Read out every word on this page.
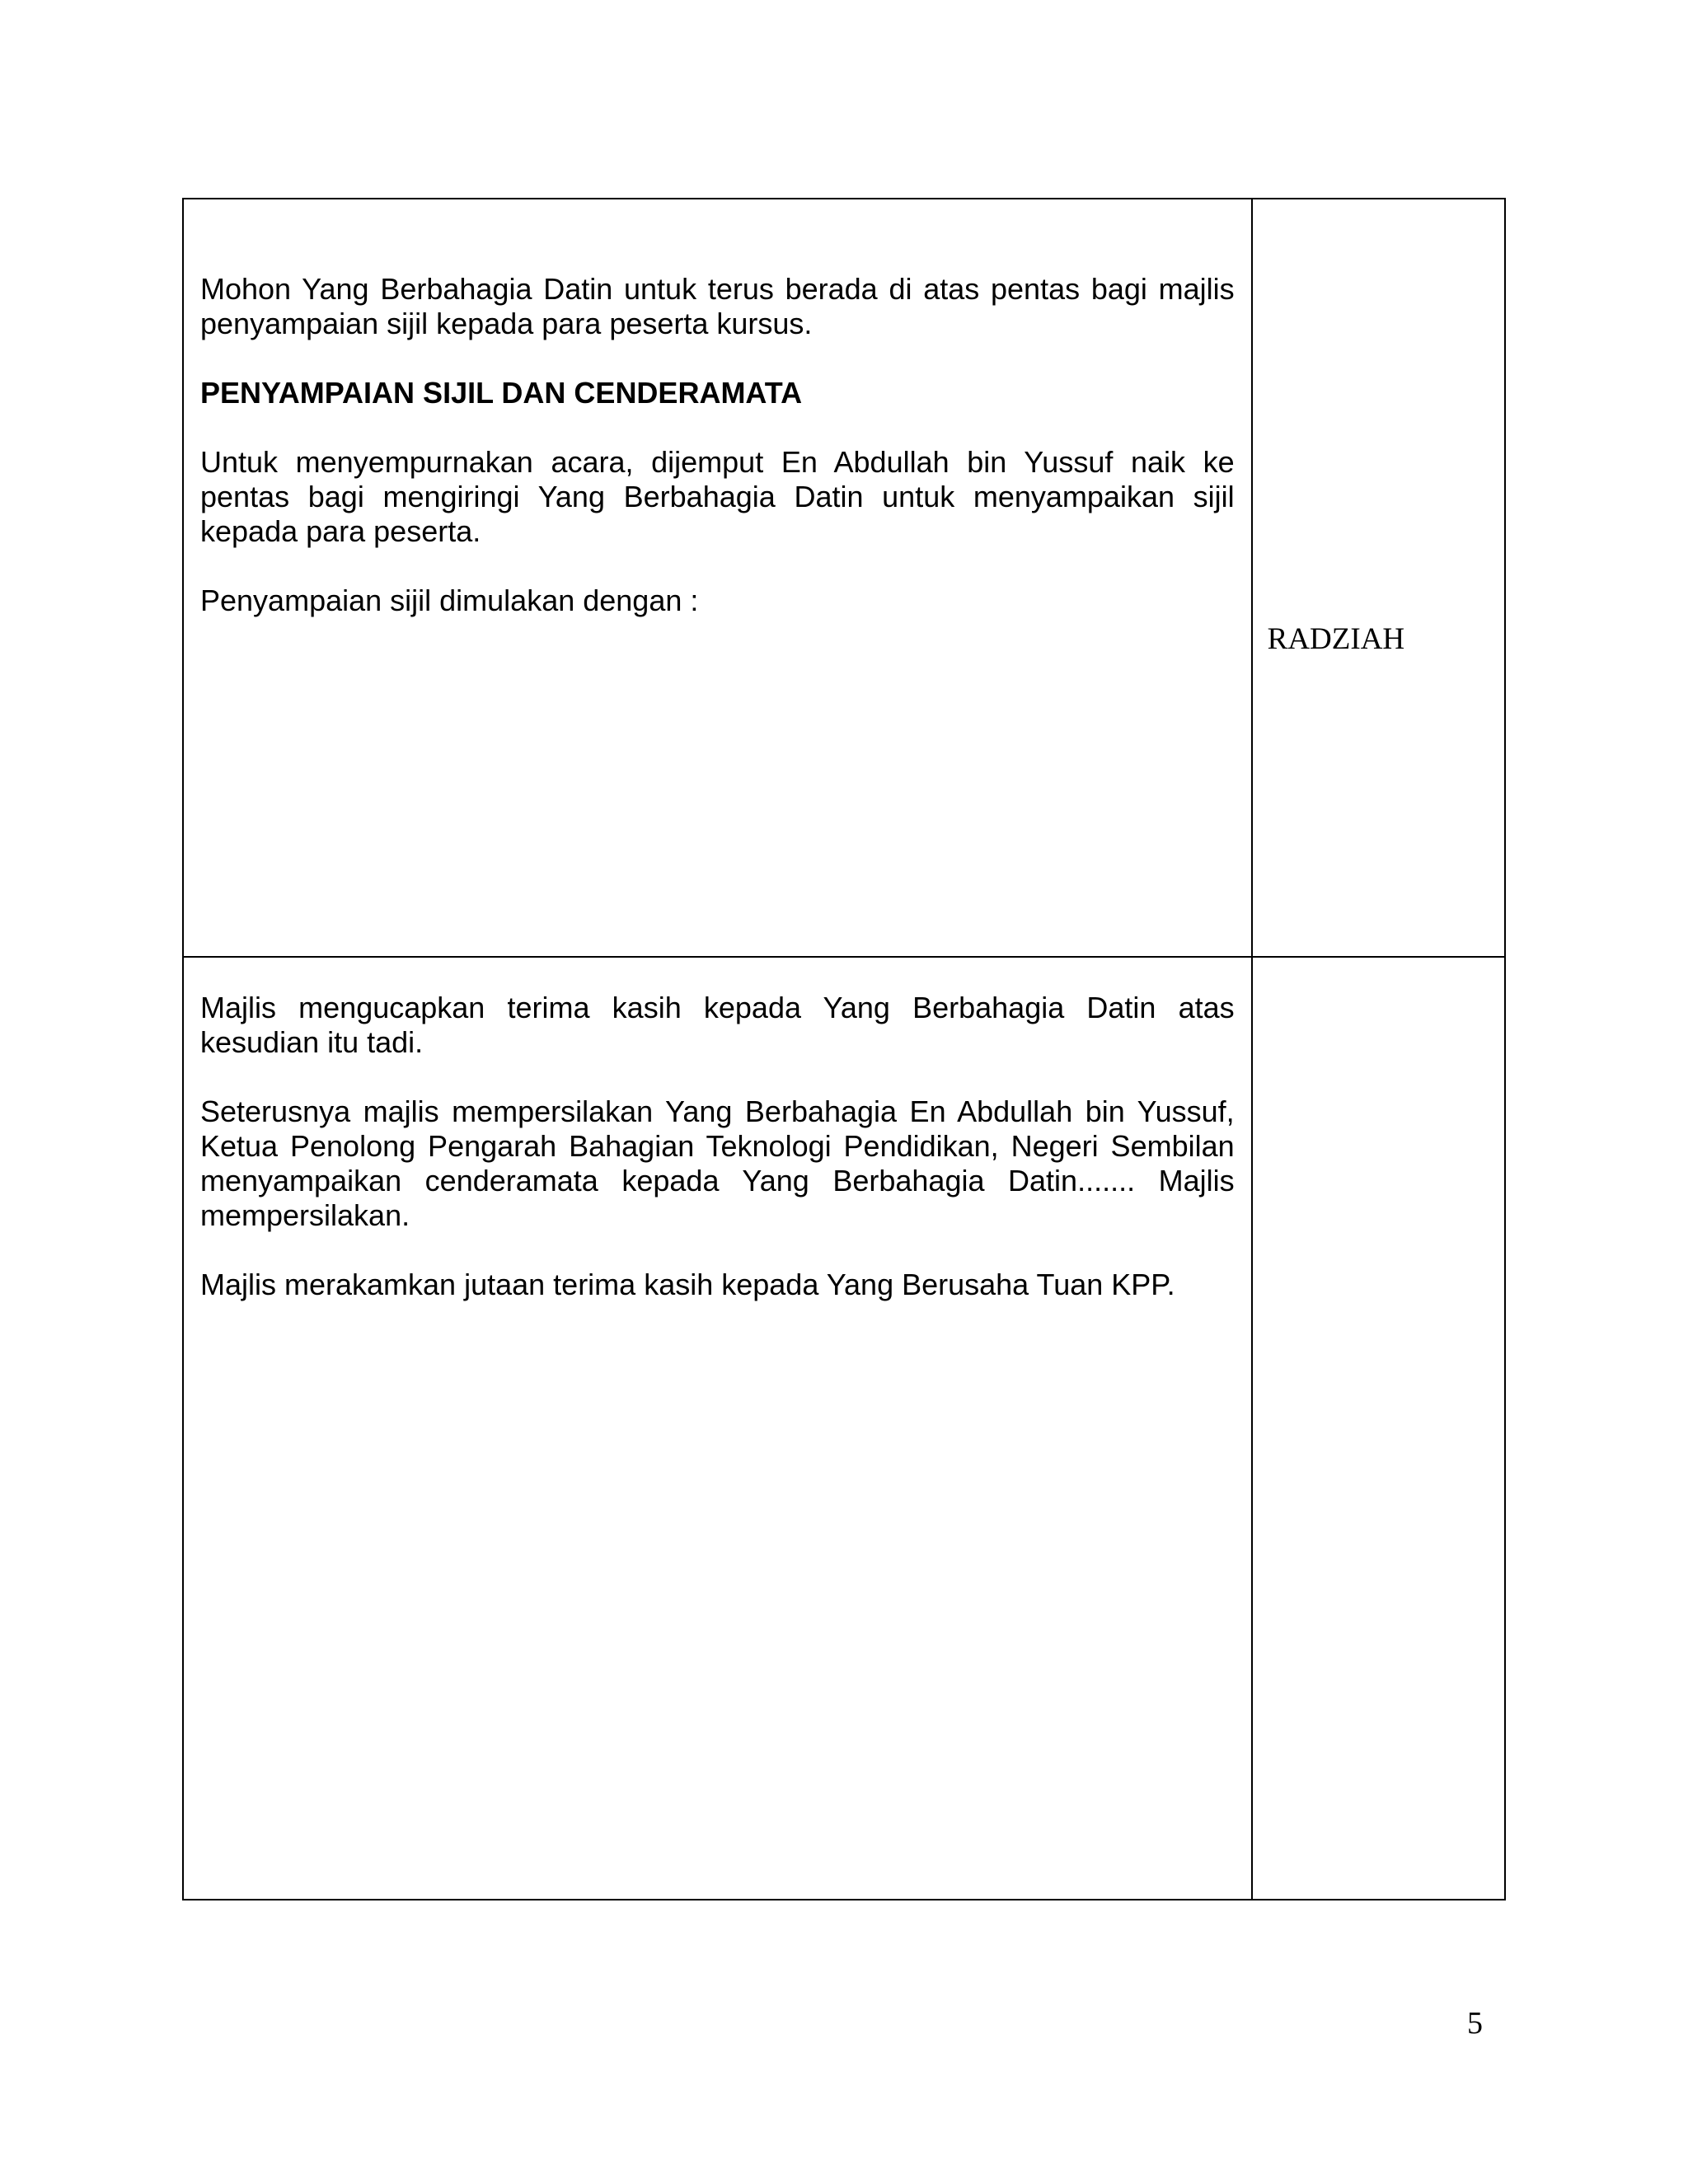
Mohon Yang Berbahagia Datin untuk terus berada di atas pentas bagi majlis penyampaian sijil kepada para peserta kursus.

PENYAMPAIAN SIJIL DAN CENDERAMATA

Untuk menyempurnakan acara, dijemput En Abdullah bin Yussuf naik ke pentas bagi mengiringi Yang Berbahagia Datin untuk menyampaikan sijil kepada para peserta.

Penyampaian sijil dimulakan dengan :	RADZIAH

Majlis mengucapkan terima kasih kepada Yang Berbahagia Datin atas kesudian itu tadi.

Seterusnya majlis mempersilakan Yang Berbahagia En Abdullah bin Yussuf, Ketua Penolong Pengarah Bahagian Teknologi Pendidikan, Negeri Sembilan menyampaikan cenderamata kepada Yang Berbahagia Datin....... Majlis mempersilakan.

Majlis merakamkan jutaan terima kasih kepada Yang Berusaha Tuan KPP.	

5
